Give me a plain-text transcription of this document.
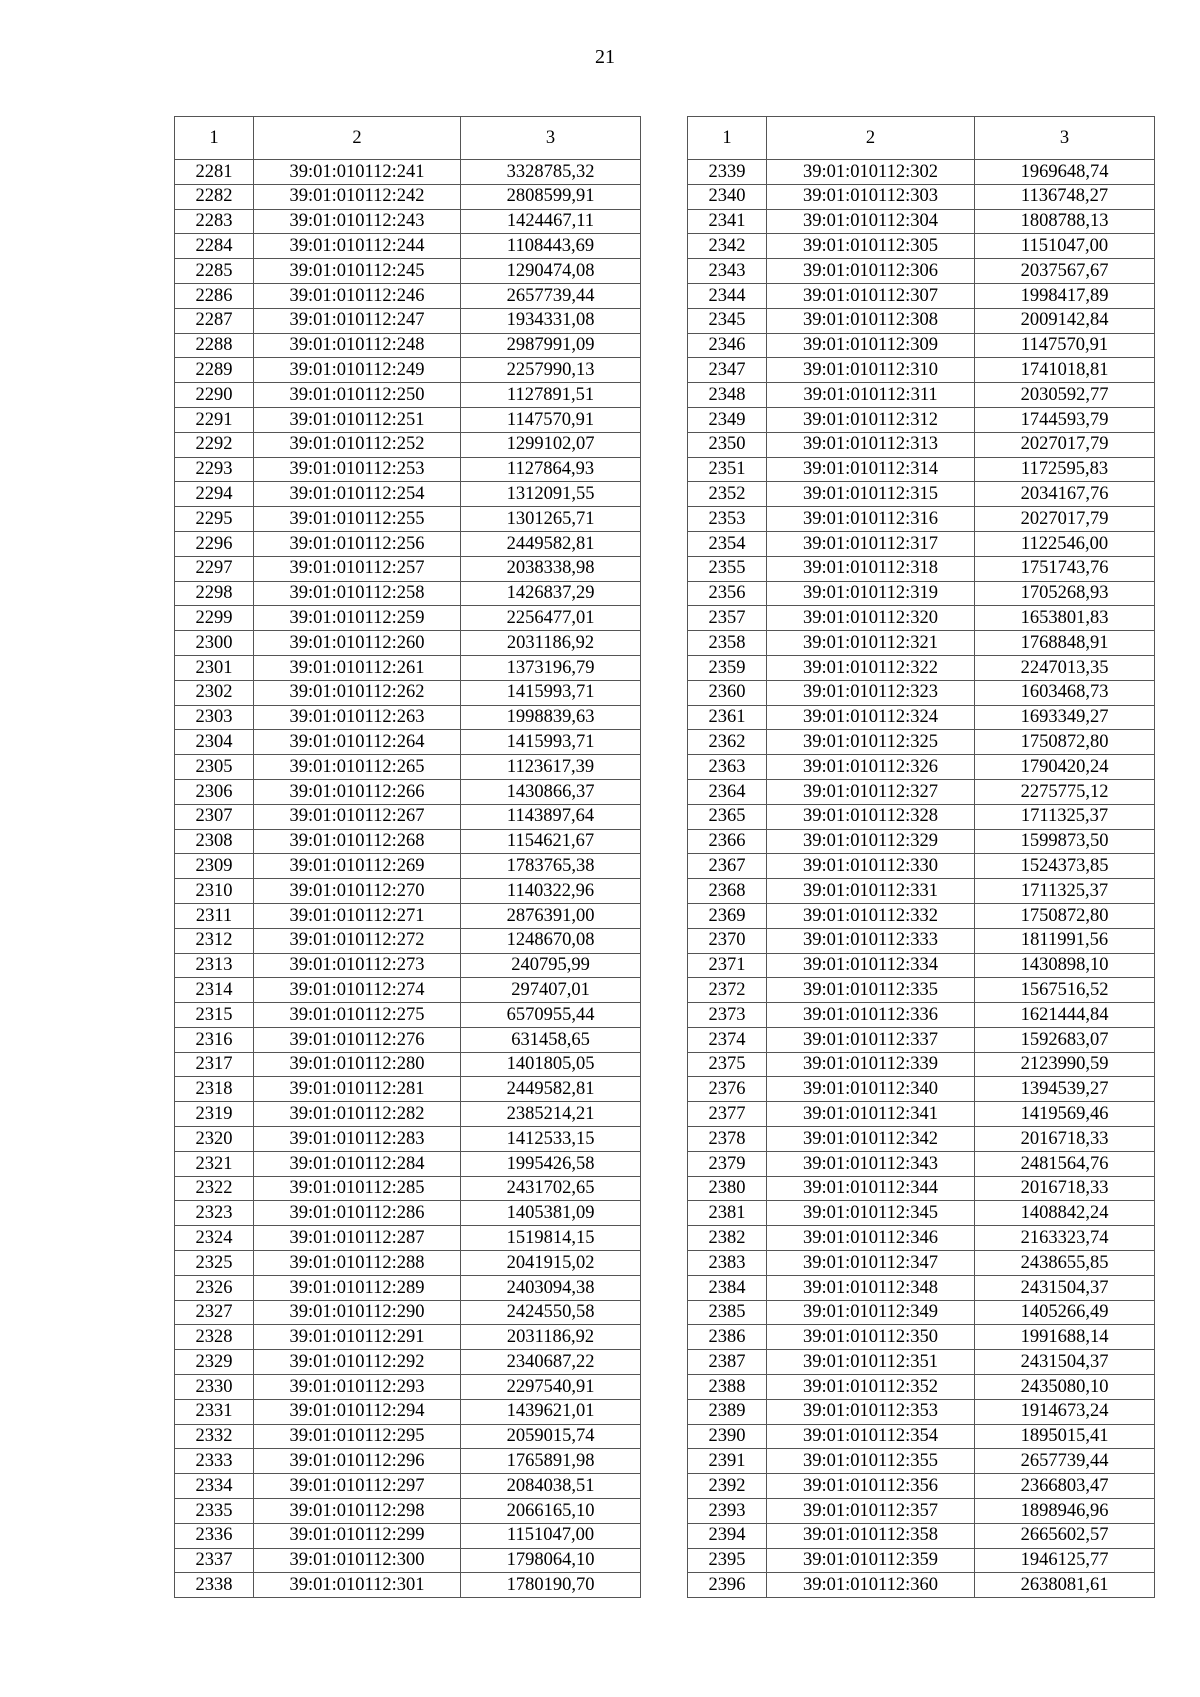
21
1	2	3
2281	39:01:010112:241	3328785,32
2282	39:01:010112:242	2808599,91
2283	39:01:010112:243	1424467,11
2284	39:01:010112:244	1108443,69
2285	39:01:010112:245	1290474,08
2286	39:01:010112:246	2657739,44
2287	39:01:010112:247	1934331,08
2288	39:01:010112:248	2987991,09
2289	39:01:010112:249	2257990,13
2290	39:01:010112:250	1127891,51
2291	39:01:010112:251	1147570,91
2292	39:01:010112:252	1299102,07
2293	39:01:010112:253	1127864,93
2294	39:01:010112:254	1312091,55
2295	39:01:010112:255	1301265,71
2296	39:01:010112:256	2449582,81
2297	39:01:010112:257	2038338,98
2298	39:01:010112:258	1426837,29
2299	39:01:010112:259	2256477,01
2300	39:01:010112:260	2031186,92
2301	39:01:010112:261	1373196,79
2302	39:01:010112:262	1415993,71
2303	39:01:010112:263	1998839,63
2304	39:01:010112:264	1415993,71
2305	39:01:010112:265	1123617,39
2306	39:01:010112:266	1430866,37
2307	39:01:010112:267	1143897,64
2308	39:01:010112:268	1154621,67
2309	39:01:010112:269	1783765,38
2310	39:01:010112:270	1140322,96
2311	39:01:010112:271	2876391,00
2312	39:01:010112:272	1248670,08
2313	39:01:010112:273	240795,99
2314	39:01:010112:274	297407,01
2315	39:01:010112:275	6570955,44
2316	39:01:010112:276	631458,65
2317	39:01:010112:280	1401805,05
2318	39:01:010112:281	2449582,81
2319	39:01:010112:282	2385214,21
2320	39:01:010112:283	1412533,15
2321	39:01:010112:284	1995426,58
2322	39:01:010112:285	2431702,65
2323	39:01:010112:286	1405381,09
2324	39:01:010112:287	1519814,15
2325	39:01:010112:288	2041915,02
2326	39:01:010112:289	2403094,38
2327	39:01:010112:290	2424550,58
2328	39:01:010112:291	2031186,92
2329	39:01:010112:292	2340687,22
2330	39:01:010112:293	2297540,91
2331	39:01:010112:294	1439621,01
2332	39:01:010112:295	2059015,74
2333	39:01:010112:296	1765891,98
2334	39:01:010112:297	2084038,51
2335	39:01:010112:298	2066165,10
2336	39:01:010112:299	1151047,00
2337	39:01:010112:300	1798064,10
2338	39:01:010112:301	1780190,70
1	2	3
2339	39:01:010112:302	1969648,74
2340	39:01:010112:303	1136748,27
2341	39:01:010112:304	1808788,13
2342	39:01:010112:305	1151047,00
2343	39:01:010112:306	2037567,67
2344	39:01:010112:307	1998417,89
2345	39:01:010112:308	2009142,84
2346	39:01:010112:309	1147570,91
2347	39:01:010112:310	1741018,81
2348	39:01:010112:311	2030592,77
2349	39:01:010112:312	1744593,79
2350	39:01:010112:313	2027017,79
2351	39:01:010112:314	1172595,83
2352	39:01:010112:315	2034167,76
2353	39:01:010112:316	2027017,79
2354	39:01:010112:317	1122546,00
2355	39:01:010112:318	1751743,76
2356	39:01:010112:319	1705268,93
2357	39:01:010112:320	1653801,83
2358	39:01:010112:321	1768848,91
2359	39:01:010112:322	2247013,35
2360	39:01:010112:323	1603468,73
2361	39:01:010112:324	1693349,27
2362	39:01:010112:325	1750872,80
2363	39:01:010112:326	1790420,24
2364	39:01:010112:327	2275775,12
2365	39:01:010112:328	1711325,37
2366	39:01:010112:329	1599873,50
2367	39:01:010112:330	1524373,85
2368	39:01:010112:331	1711325,37
2369	39:01:010112:332	1750872,80
2370	39:01:010112:333	1811991,56
2371	39:01:010112:334	1430898,10
2372	39:01:010112:335	1567516,52
2373	39:01:010112:336	1621444,84
2374	39:01:010112:337	1592683,07
2375	39:01:010112:339	2123990,59
2376	39:01:010112:340	1394539,27
2377	39:01:010112:341	1419569,46
2378	39:01:010112:342	2016718,33
2379	39:01:010112:343	2481564,76
2380	39:01:010112:344	2016718,33
2381	39:01:010112:345	1408842,24
2382	39:01:010112:346	2163323,74
2383	39:01:010112:347	2438655,85
2384	39:01:010112:348	2431504,37
2385	39:01:010112:349	1405266,49
2386	39:01:010112:350	1991688,14
2387	39:01:010112:351	2431504,37
2388	39:01:010112:352	2435080,10
2389	39:01:010112:353	1914673,24
2390	39:01:010112:354	1895015,41
2391	39:01:010112:355	2657739,44
2392	39:01:010112:356	2366803,47
2393	39:01:010112:357	1898946,96
2394	39:01:010112:358	2665602,57
2395	39:01:010112:359	1946125,77
2396	39:01:010112:360	2638081,61
